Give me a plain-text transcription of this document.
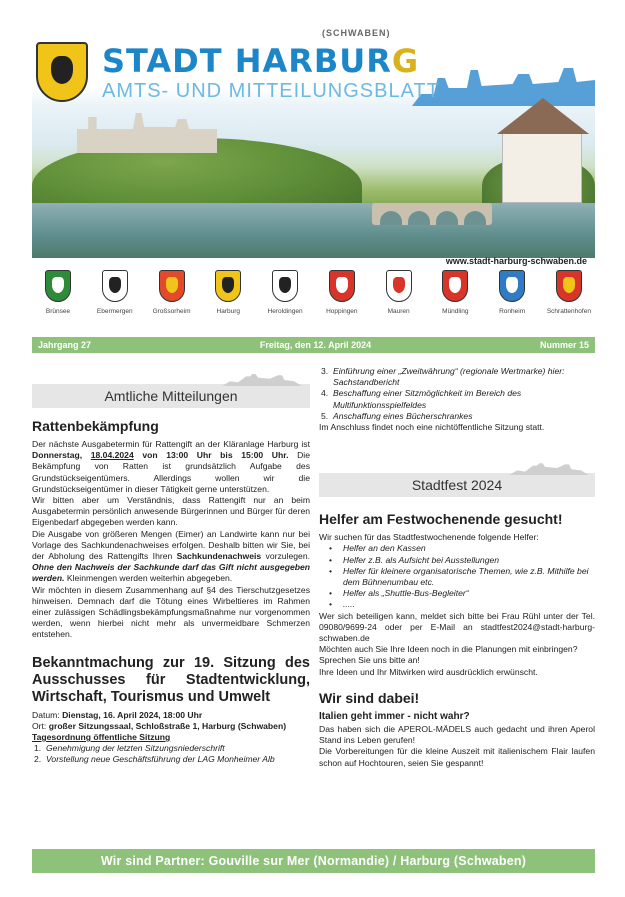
STADT HARBURG
(SCHWABEN)
AMTS- UND MITTEILUNGSBLATT
www.stadt-harburg-schwaben.de
Brünsee	Ebermergen	Großsorheim	Harburg	Heroldingen	Hoppingen	Mauren	Mündling	Ronheim	Schrattenhofen
Jahrgang 27	Freitag, den 12. April 2024	Nummer 15
Amtliche Mitteilungen
Rattenbekämpfung

Der nächste Ausgabetermin für Rattengift an der Kläranlage Harburg ist Donnerstag, 18.04.2024 von 13:00 Uhr bis 15:00 Uhr. Die Bekämpfung von Ratten ist grundsätzlich Aufgabe des Grundstückseigentümers. Allerdings wollen wir die Grundstückseigentümer in dieser Tätigkeit gerne unterstützen.

Wir bitten aber um Verständnis, dass Rattengift nur an beim Ausgabetermin persönlich anwesende Bürgerinnen und Bürger für deren Eigenbedarf abgegeben werden kann.

Die Ausgabe von größeren Mengen (Eimer) an Landwirte kann nur bei Vorlage des Sachkundenachweises erfolgen. Deshalb bitten wir Sie, bei der Abholung des Rattengifts Ihren Sachkundenachweis vorzulegen. Ohne den Nachweis der Sachkunde darf das Gift nicht ausgegeben werden. Kleinmengen werden weiterhin abgegeben.

Wir möchten in diesem Zusammenhang auf §4 des Tierschutzgesetzes hinweisen. Demnach darf die Tötung eines Wirbeltieres im Rahmen einer zulässigen Schädlingsbekämpfungsmaßnahme nur vorgenommen werden, wenn hierbei nicht mehr als unvermeidbare Schmerzen entstehen.

Bekanntmachung zur 19. Sitzung des Ausschusses für Stadtentwicklung, Wirtschaft, Tourismus und Umwelt

Datum: Dienstag, 16. April 2024, 18:00 Uhr

Ort: großer Sitzungssaal, Schloßstraße 1, Harburg (Schwaben)

Tagesordnung öffentliche Sitzung

1. Genehmigung der letzten Sitzungsniederschrift
2. Vorstellung neue Geschäftsführung der LAG Monheimer Alb
3. Einführung einer „Zweitwährung“ (regionale Wertmarke) hier: Sachstandbericht
4. Beschaffung einer Sitzmöglichkeit im Bereich des Multifunktionsspielfeldes
5. Anschaffung eines Bücherschrankes

Im Anschluss findet noch eine nichtöffentliche Sitzung statt.

Stadtfest 2024
Helfer am Festwochenende gesucht!

Wir suchen für das Stadtfestwochenende folgende Helfer:

• Helfer an den Kassen
• Helfer z.B. als Aufsicht bei Ausstellungen
• Helfer für kleinere organisatorische Themen, wie z.B. Mithilfe bei dem Bühnenumbau etc.
• Helfer als „Shuttle-Bus-Begleiter“
• .....

Wer sich beteiligen kann, meldet sich bitte bei Frau Rühl unter der Tel. 09080/9699-24 oder per E-Mail an stadtfest2024@stadt-harburg-schwaben.de

Möchten auch Sie Ihre Ideen noch in die Planungen mit einbringen?

Sprechen Sie uns bitte an!

Ihre Ideen und Ihr Mitwirken wird ausdrücklich erwünscht.

Wir sind dabei!

Italien geht immer - nicht wahr?

Das haben sich die APEROL-MÄDELS auch gedacht und ihren Aperol Stand ins Leben gerufen!

Die Vorbereitungen für die kleine Auszeit mit italienischem Flair laufen schon auf Hochtouren, seien Sie gespannt!

Wir sind Partner: Gouville sur Mer (Normandie) / Harburg (Schwaben)
